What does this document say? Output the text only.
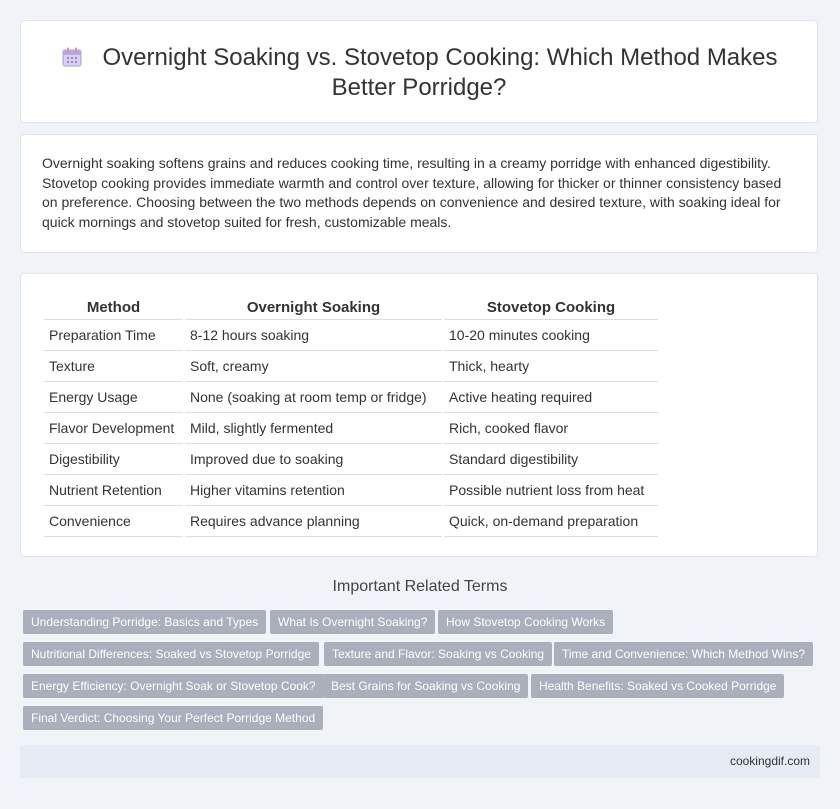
Overnight Soaking vs. Stovetop Cooking: Which Method Makes
Better Porridge?

Overnight soaking softens grains and reduces cooking time, resulting in a creamy porridge with enhanced digestibility. Stovetop cooking provides immediate warmth and control over texture, allowing for thicker or thinner consistency based on preference. Choosing between the two methods depends on convenience and desired texture, with soaking ideal for quick mornings and stovetop suited for fresh, customizable meals.

Method	Overnight Soaking	Stovetop Cooking
Preparation Time	8-12 hours soaking	10-20 minutes cooking
Texture	Soft, creamy	Thick, hearty
Energy Usage	None (soaking at room temp or fridge)	Active heating required
Flavor Development	Mild, slightly fermented	Rich, cooked flavor
Digestibility	Improved due to soaking	Standard digestibility
Nutrient Retention	Higher vitamins retention	Possible nutrient loss from heat
Convenience	Requires advance planning	Quick, on-demand preparation
Important Related Terms
Understanding Porridge: Basics and Types	What Is Overnight Soaking?	How Stovetop Cooking Works
Nutritional Differences: Soaked vs Stovetop Porridge	Texture and Flavor: Soaking vs Cooking	Time and Convenience: Which Method Wins?
Energy Efficiency: Overnight Soak or Stovetop Cook?	Best Grains for Soaking vs Cooking	Health Benefits: Soaked vs Cooked Porridge
Final Verdict: Choosing Your Perfect Porridge Method
cookingdif.com
